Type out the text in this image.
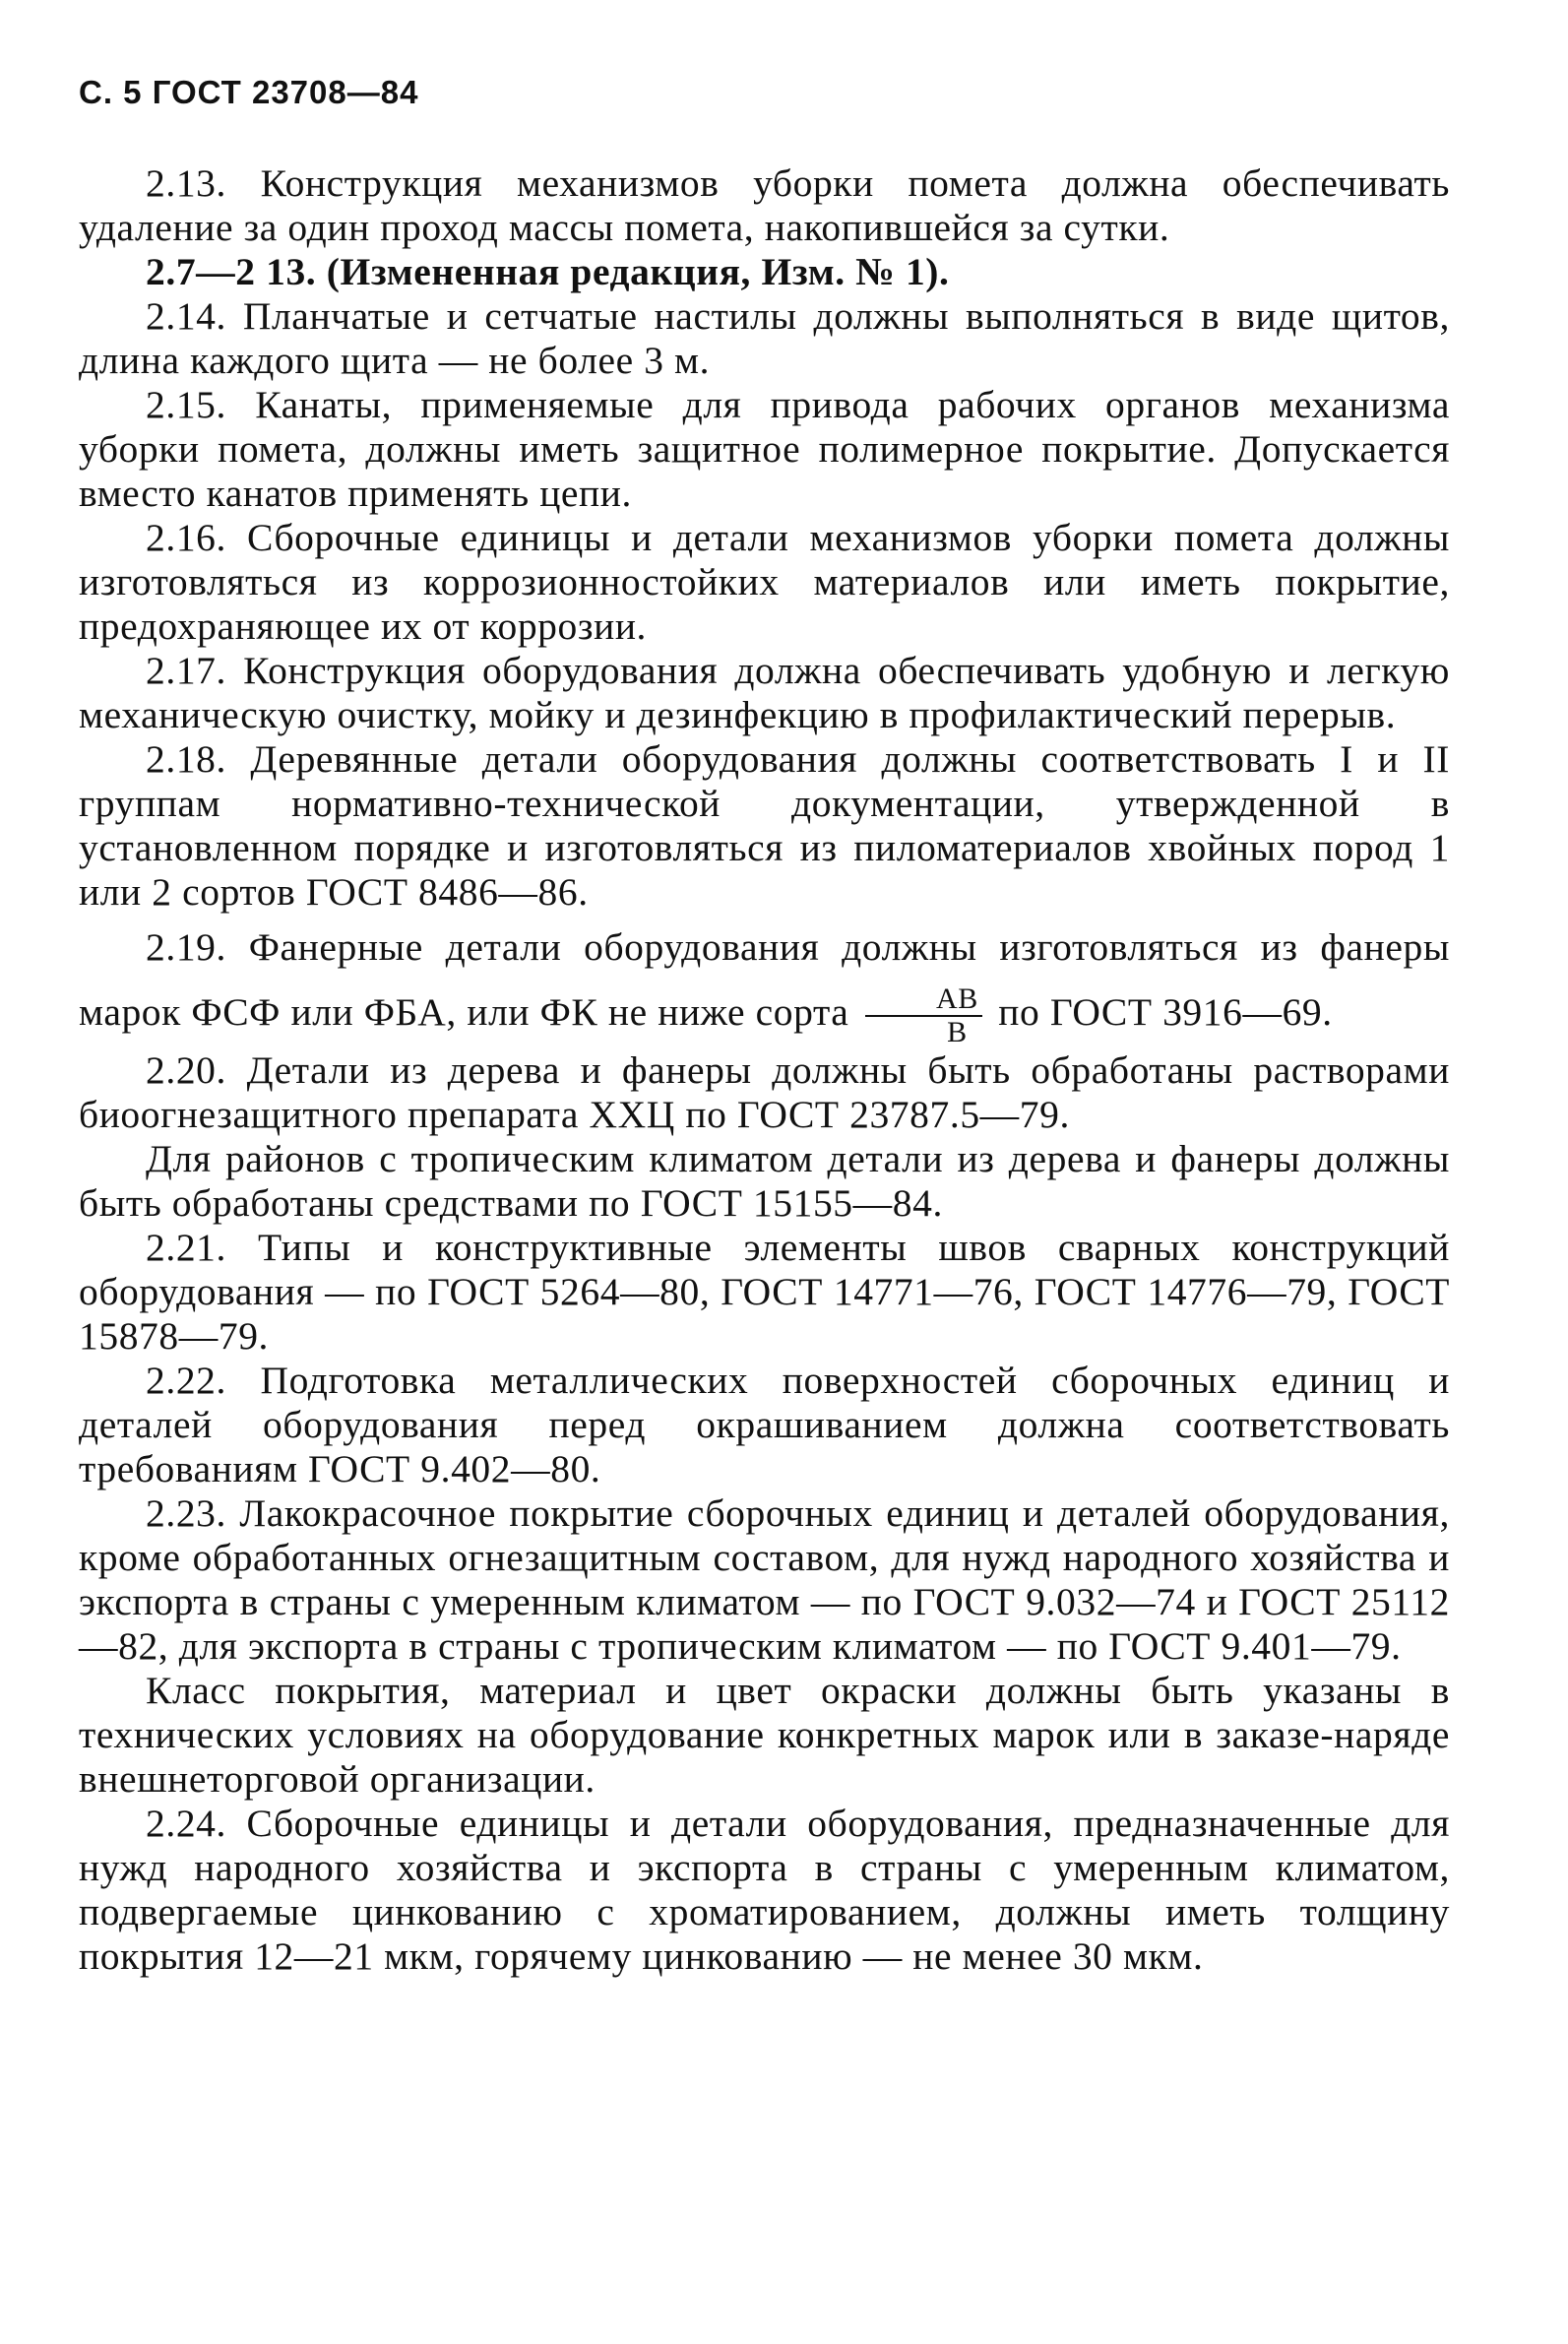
С. 5 ГОСТ 23708—84

2.13. Конструкция механизмов уборки помета должна обеспечивать удаление за один проход массы помета, накопившейся за сутки.

2.7—2 13. (Измененная редакция, Изм. № 1).

2.14. Планчатые и сетчатые настилы должны выполняться в виде щитов, длина каждого щита — не более 3 м.

2.15. Канаты, применяемые для привода рабочих органов механизма уборки помета, должны иметь защитное полимерное покрытие. Допускается вместо канатов применять цепи.

2.16. Сборочные единицы и детали механизмов уборки помета должны изготовляться из коррозионностойких материалов или иметь покрытие, предохраняющее их от коррозии.

2.17. Конструкция оборудования должна обеспечивать удобную и легкую механическую очистку, мойку и дезинфекцию в профилактический перерыв.

2.18. Деревянные детали оборудования должны соответствовать I и II группам нормативно-технической документации, утвержденной в установленном порядке и изготовляться из пиломатериалов хвойных пород 1 или 2 сортов ГОСТ 8486—86.

2.19. Фанерные детали оборудования должны изготовляться из фанеры марок ФСФ или ФБА, или ФК не ниже сорта $\frac{АВ}{В}$ по ГОСТ 3916—69.

2.20. Детали из дерева и фанеры должны быть обработаны растворами биоогнезащитного препарата ХХЦ по ГОСТ 23787.5—79.

Для районов с тропическим климатом детали из дерева и фанеры должны быть обработаны средствами по ГОСТ 15155—84.

2.21. Типы и конструктивные элементы швов сварных конструкций оборудования — по ГОСТ 5264—80, ГОСТ 14771—76, ГОСТ 14776—79, ГОСТ 15878—79.

2.22. Подготовка металлических поверхностей сборочных единиц и деталей оборудования перед окрашиванием должна соответствовать требованиям ГОСТ 9.402—80.

2.23. Лакокрасочное покрытие сборочных единиц и деталей оборудования, кроме обработанных огнезащитным составом, для нужд народного хозяйства и экспорта в страны с умеренным климатом — по ГОСТ 9.032—74 и ГОСТ 25112—82, для экспорта в страны с тропическим климатом — по ГОСТ 9.401—79.

Класс покрытия, материал и цвет окраски должны быть указаны в технических условиях на оборудование конкретных марок или в заказе-наряде внешнеторговой организации.

2.24. Сборочные единицы и детали оборудования, предназначенные для нужд народного хозяйства и экспорта в страны с умеренным климатом, подвергаемые цинкованию с хроматированием, должны иметь толщину покрытия 12—21 мкм, горячему цинкованию — не менее 30 мкм.
